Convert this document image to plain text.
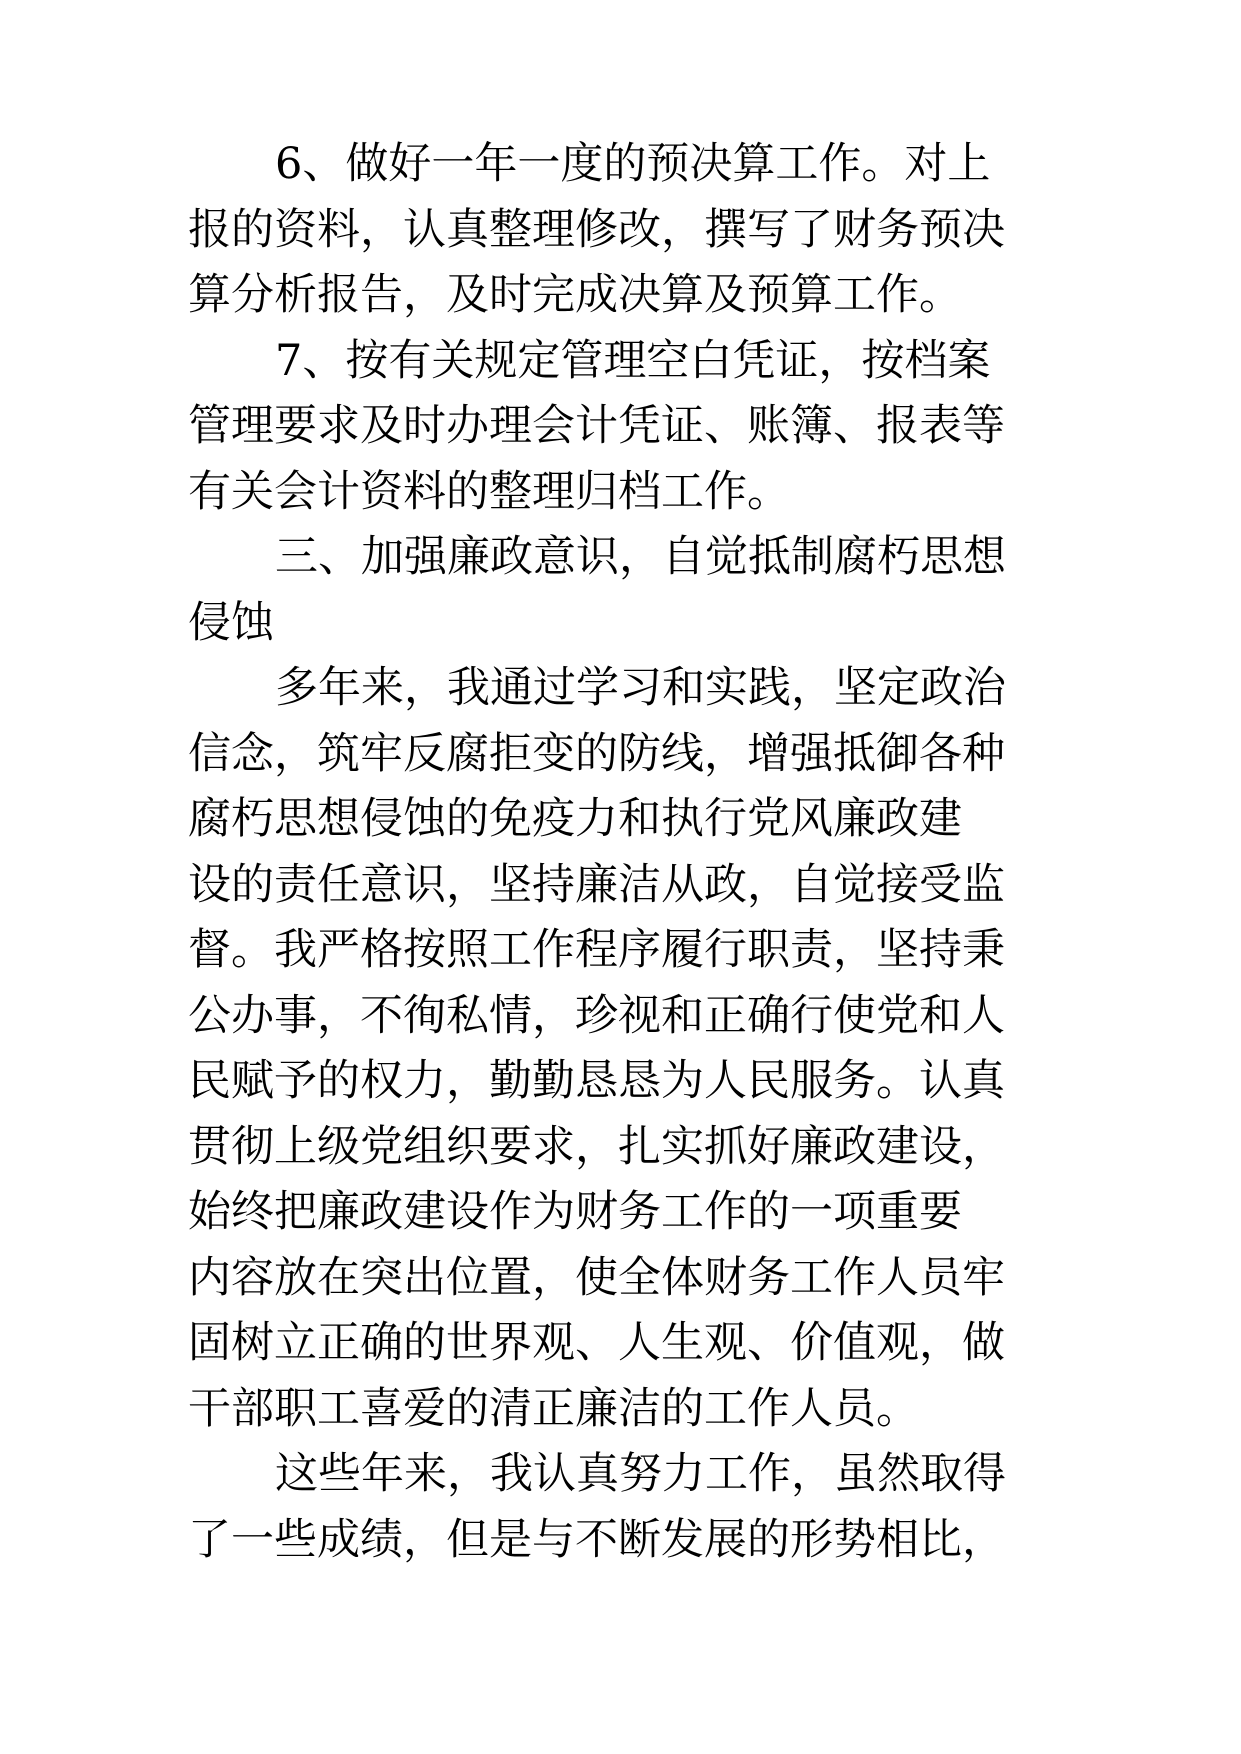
6、做好一年一度的预决算工作。对上
报的资料，认真整理修改，撰写了财务预决
算分析报告，及时完成决算及预算工作。
7、按有关规定管理空白凭证，按档案
管理要求及时办理会计凭证、账簿、报表等
有关会计资料的整理归档工作。
三、加强廉政意识，自觉抵制腐朽思想
侵蚀
多年来，我通过学习和实践，坚定政治
信念，筑牢反腐拒变的防线，增强抵御各种
腐朽思想侵蚀的免疫力和执行党风廉政建
设的责任意识，坚持廉洁从政，自觉接受监
督。我严格按照工作程序履行职责，坚持秉
公办事，不徇私情，珍视和正确行使党和人
民赋予的权力，勤勤恳恳为人民服务。认真
贯彻上级党组织要求，扎实抓好廉政建设，
始终把廉政建设作为财务工作的一项重要
内容放在突出位置，使全体财务工作人员牢
固树立正确的世界观、人生观、价值观，做
干部职工喜爱的清正廉洁的工作人员。
这些年来，我认真努力工作，虽然取得
了一些成绩，但是与不断发展的形势相比，
